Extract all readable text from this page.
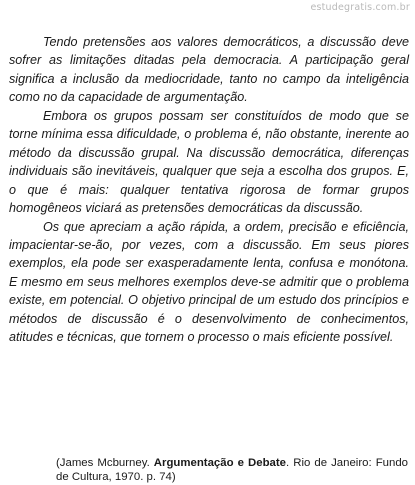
estudegratis.com.br

Tendo pretensões aos valores democráticos, a discussão deve sofrer as limitações ditadas pela democracia. A participação geral significa a inclusão da mediocridade, tanto no campo da inteligência como no da capacidade de argumentação.

Embora os grupos possam ser constituídos de modo que se torne mínima essa dificuldade, o problema é, não obstante, inerente ao método da discussão grupal. Na discussão democrática, diferenças individuais são inevitáveis, qualquer que seja a escolha dos grupos. E, o que é mais: qualquer tentativa rigorosa de formar grupos homogêneos viciará as pretensões democráticas da discussão.

Os que apreciam a ação rápida, a ordem, precisão e eficiência, impacientar-se-ão, por vezes, com a discussão. Em seus piores exemplos, ela pode ser exasperadamente lenta, confusa e monótona. E mesmo em seus melhores exemplos deve-se admitir que o problema existe, em potencial. O objetivo principal de um estudo dos princípios e métodos de discussão é o desenvolvimento de conhecimentos, atitudes e técnicas, que tornem o processo o mais eficiente possível.

(James Mcburney. Argumentação e Debate. Rio de Janeiro: Fundo de Cultura, 1970. p. 74)
